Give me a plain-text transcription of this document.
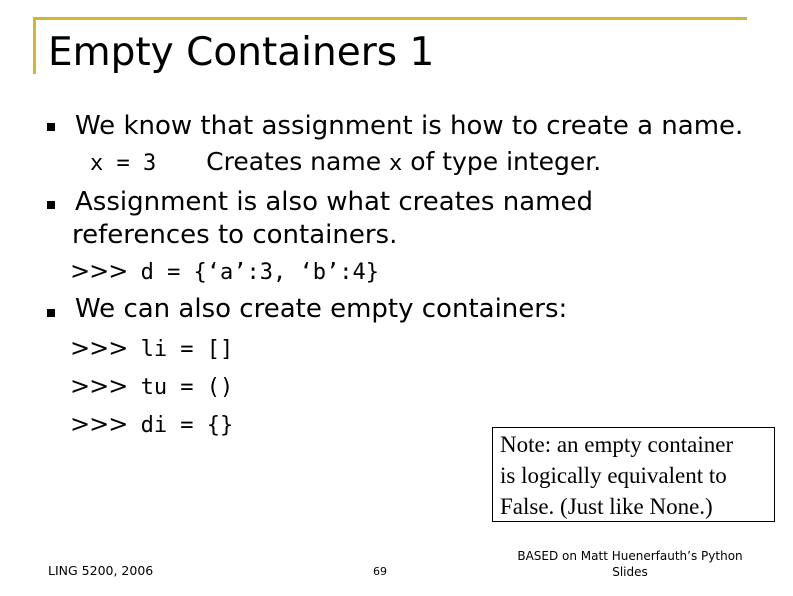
Empty Containers 1
We know that assignment is how to create a name.
x = 3 Creates name x of type integer.
Assignment is also what creates named
references to containers.
>>> d = {‘a’:3, ‘b’:4}
We can also create empty containers:
>>> li = []
>>> tu = ()
>>> di = {}
Note: an empty container
is logically equivalent to
False. (Just like None.)
LING 5200, 2006	69
BASED on Matt Huenerfauth’s Python
Slides
